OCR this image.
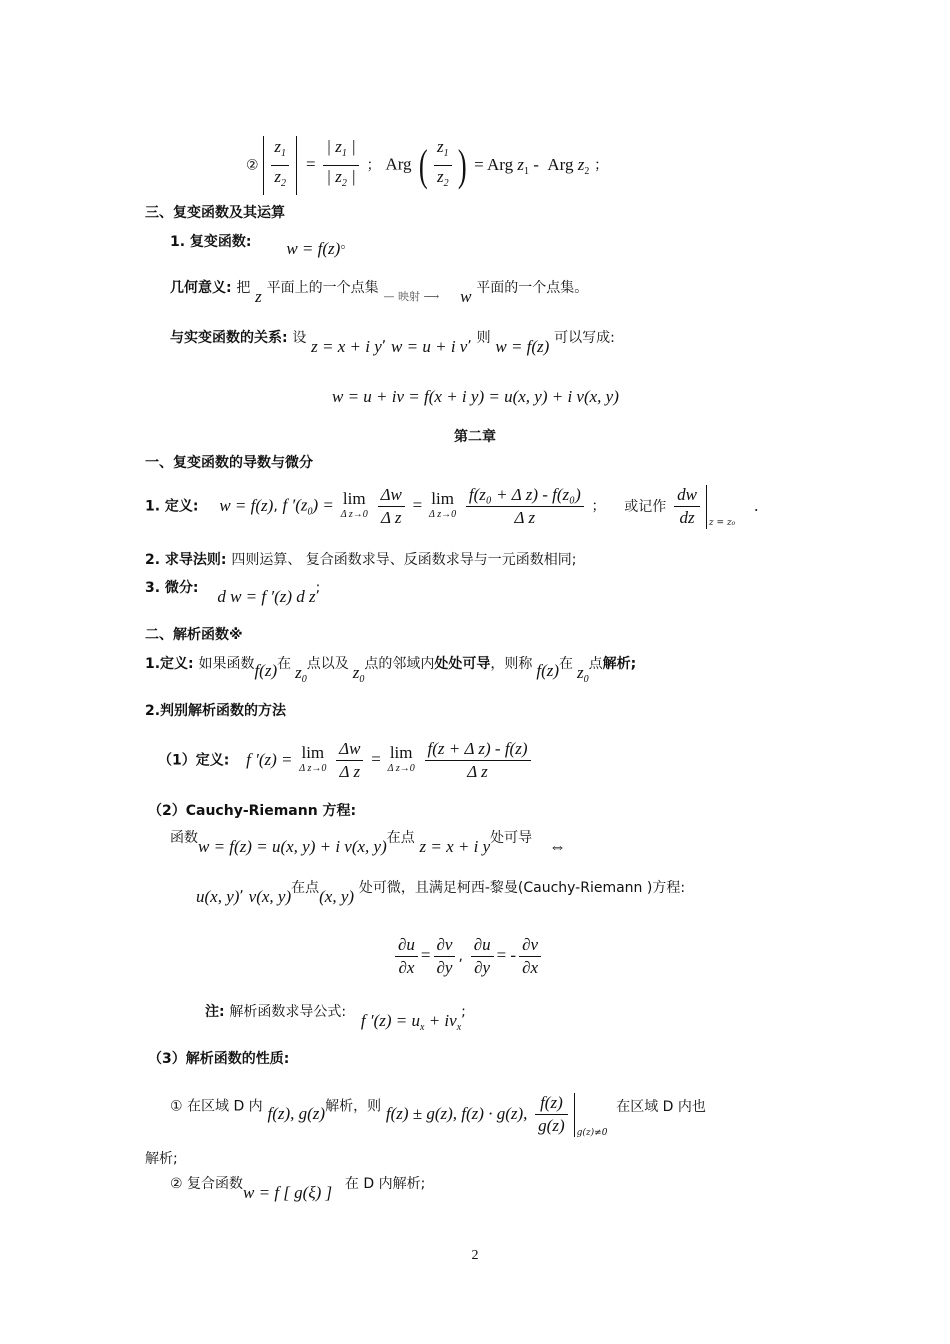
② $\frac{z_1}{z_2} = \frac{| z_1 |}{| z_2 |}$ ； Arg ( $\frac{z_1}{z_2}$ ) = Arg $z_1$ -  Arg $z_2$ ；
三、复变函数及其运算
1. 复变函数: w = f(z)。
几何意义: 把 z 平面上的一个点集 — 映射 ⟶ w 平面的一个点集。
与实变函数的关系: 设 z = x + i y, w = u + i v, 则 w = f(z) 可以写成:
w = u + iv = f(x + i y) = u(x, y) + i v(x, y)
第二章
一、复变函数的导数与微分
1. 定义: w = f(z), f $'(z_0) = \lim$
Δ z→0
$\frac{\Delta w}{\text{Δ z}} = \lim$
Δ z→0
$\frac{\text{f(z₀ + Δ z) - f(z₀)}}{\text{Δ z}}$ ； 或记作 $\frac{dw}{dz} _{z = z_0}$ .
2. 求导法则: 四则运算、 复合函数求导、反函数求导与一元函数相同;
3. 微分: d w = f ′(z) d z;
二、解析函数※
1.定义: 如果函数f(z)在 $z_0$点以及 $z_0$点的邻域内处处可导，则称 f(z)在 $z_0$点解析;
2.判别解析函数的方法
（1）定义: f ′(z) = lim
Δ z→0
$\frac{\Delta w}{\text{Δ z}} = \lim$
Δ z→0
$\frac{\text{f(z + Δ z) - f(z)}}{\text{Δ z}}$
（2）Cauchy-Riemann 方程:
函数w = f(z) = u(x, y) + i v(x, y)在点 z = x + i y处可导 ⇔
u(x, y), v(x, y)在点(x, y) 处可微，且满足柯西-黎曼(Cauchy-Riemann )方程:
$\frac{\partial u}{\partial x} = \frac{\partial v}{\partial y}$ , $\frac{\partial u}{\partial y}$ = - $\frac{\partial v}{\partial x}$
注: 解析函数求导公式: f $'(z) = u_x + iv_x$;
（3）解析函数的性质:
① 在区域 D 内 f(z), g(z)解析，则 f(z) ± g(z), f(z) · g(z), $\frac{f(z)}{g(z)} _{g(z)\ne 0}$ 在区域 D 内也
解析;
② 复合函数w = f [ g(ξ) ] 在 D 内解析;
2
